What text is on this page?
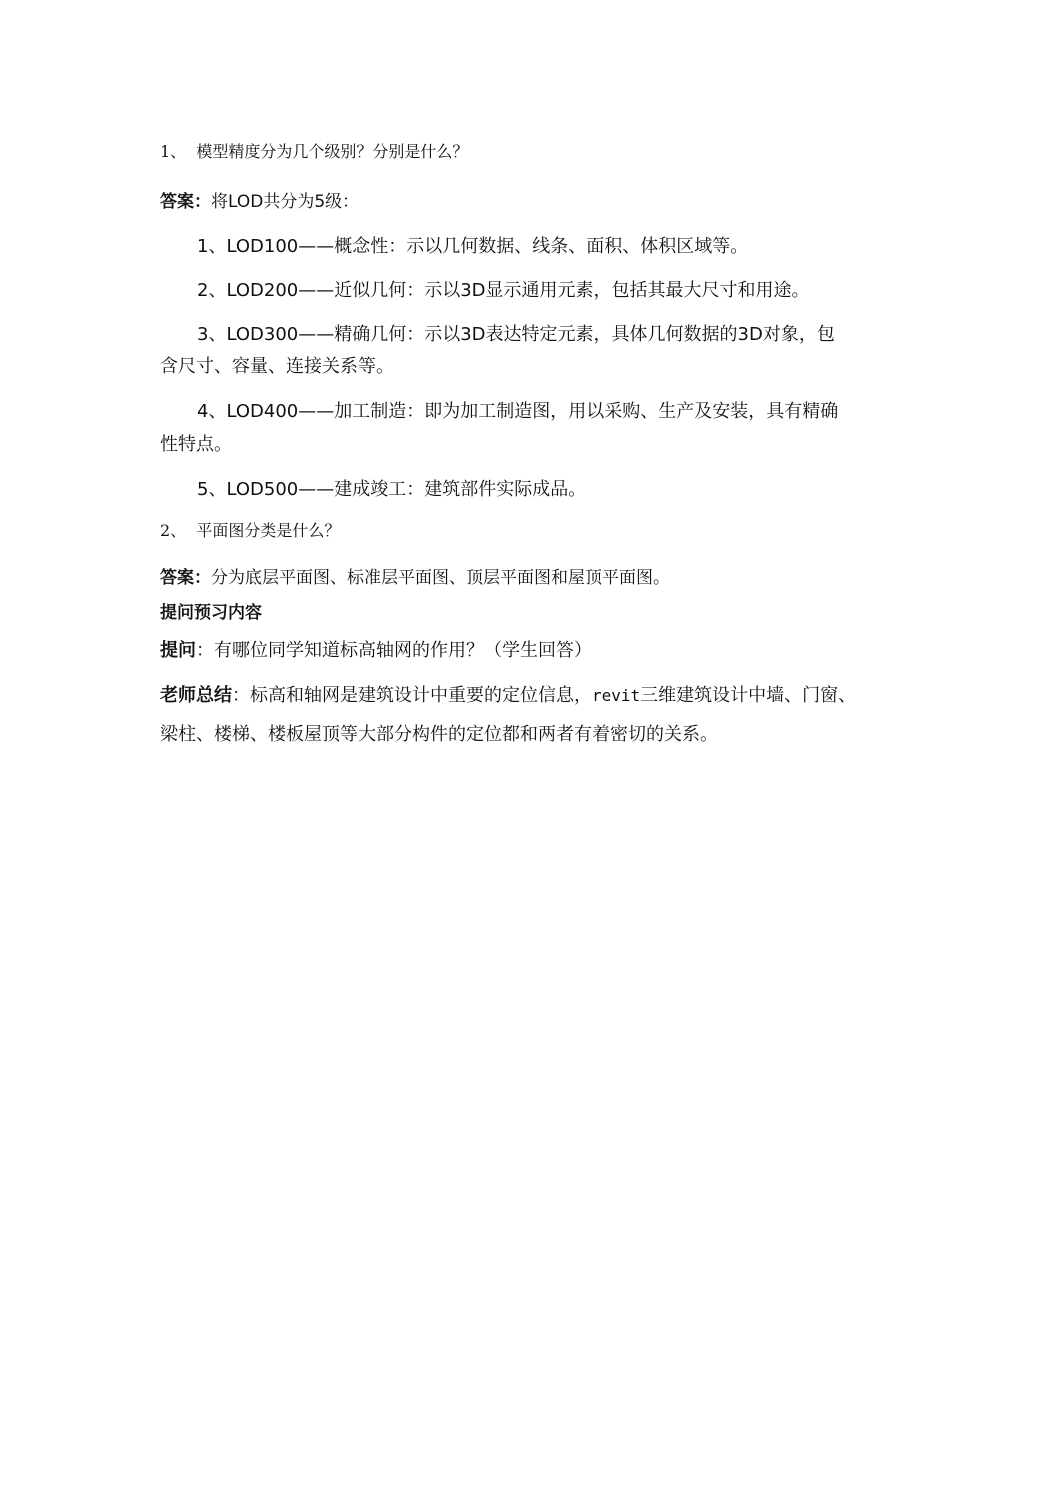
1、 模型精度分为几个级别？分别是什么？
答案：将LOD共分为5级：
1、LOD100——概念性：示以几何数据、线条、面积、体积区域等。
2、LOD200——近似几何：示以3D显示通用元素，包括其最大尺寸和用途。
3、LOD300——精确几何：示以3D表达特定元素，具体几何数据的3D对象，包
含尺寸、容量、连接关系等。
4、LOD400——加工制造：即为加工制造图，用以采购、生产及安装，具有精确
性特点。
5、LOD500——建成竣工：建筑部件实际成品。
2、 平面图分类是什么？
答案：分为底层平面图、标准层平面图、顶层平面图和屋顶平面图。
提问预习内容
提问：有哪位同学知道标高轴网的作用？（学生回答）
老师总结：标高和轴网是建筑设计中重要的定位信息，revit三维建筑设计中墙、门窗、
梁柱、楼梯、楼板屋顶等大部分构件的定位都和两者有着密切的关系。
